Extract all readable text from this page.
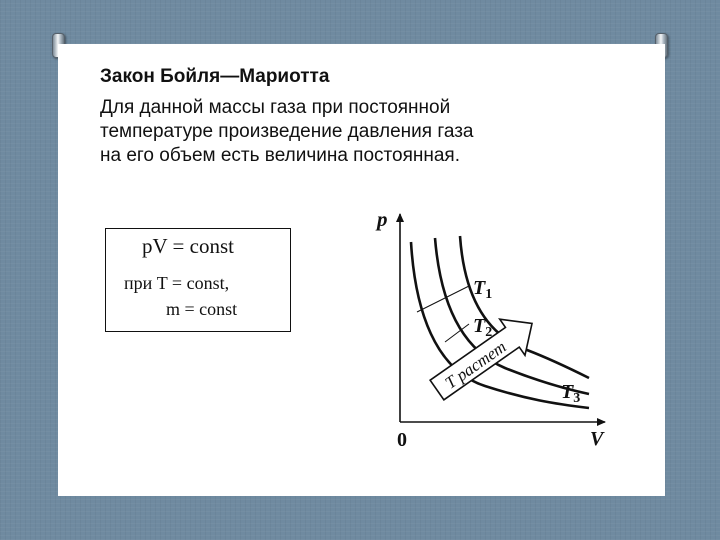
Закон Бойля—Мариотта
Для данной массы газа при постоянной
температуре произведение давления газа
на его объем есть величина постоянная.
pV = const
при T = const,
m = const
T растет
p
V
0
$T_1$
$T_2$
$T_3$
